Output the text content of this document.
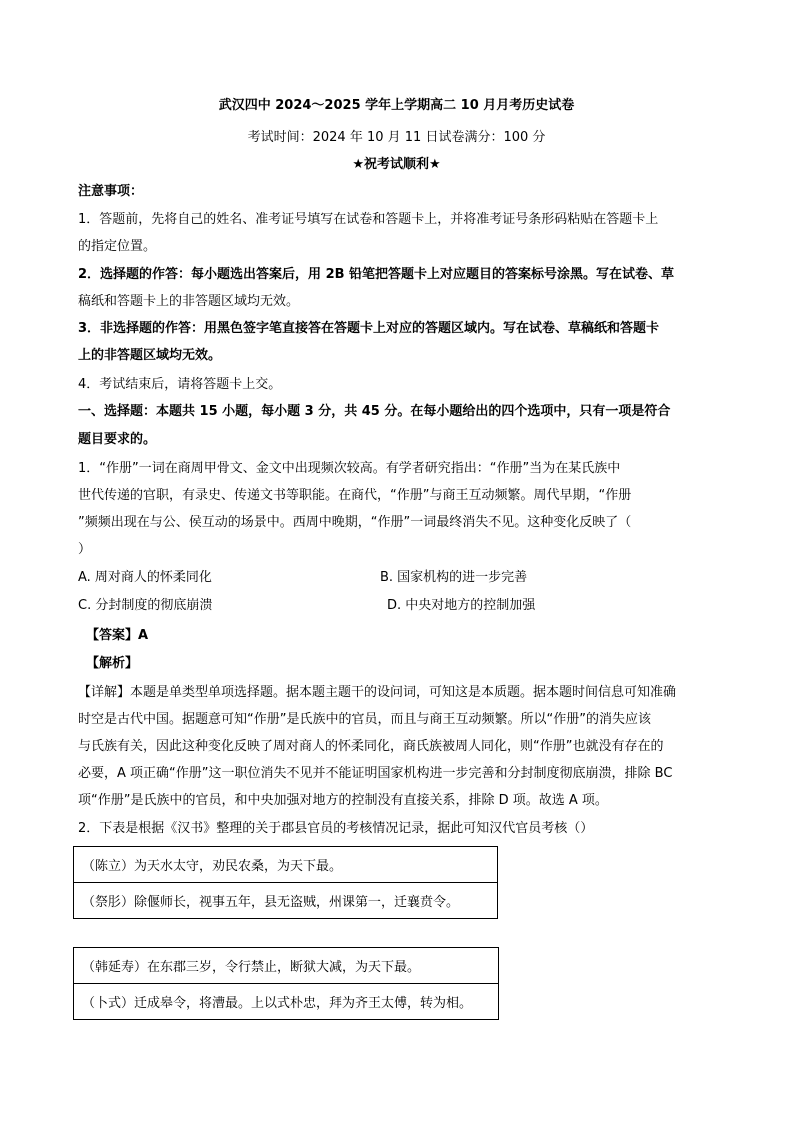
武汉四中 2024～2025 学年上学期高二 10 月月考历史试卷
考试时间：2024 年 10 月 11 日试卷满分：100 分
★祝考试顺利★
注意事项：
1．答题前，先将自己的姓名、准考证号填写在试卷和答题卡上，并将准考证号条形码粘贴在答题卡上
的指定位置。
2．选择题的作答：每小题选出答案后，用 2B 铅笔把答题卡上对应题目的答案标号涂黑。写在试卷、草
稿纸和答题卡上的非答题区域均无效。
3．非选择题的作答：用黑色签字笔直接答在答题卡上对应的答题区域内。写在试卷、草稿纸和答题卡
上的非答题区域均无效。
4．考试结束后，请将答题卡上交。
一、选择题：本题共 15 小题，每小题 3 分，共 45 分。在每小题给出的四个选项中，只有一项是符合
题目要求的。
1．“作册”一词在商周甲骨文、金文中出现频次较高。有学者研究指出：“作册”当为在某氏族中
世代传递的官职，有录史、传递文书等职能。在商代，“作册”与商王互动频繁。周代早期，“作册
”频频出现在与公、侯互动的场景中。西周中晚期，“作册”一词最终消失不见。这种变化反映了（
）
A. 周对商人的怀柔同化	B. 国家机构的进一步完善
C. 分封制度的彻底崩溃	D. 中央对地方的控制加强
【答案】A
【解析】
【详解】本题是单类型单项选择题。据本题主题干的设问词，可知这是本质题。据本题时间信息可知准确
时空是古代中国。据题意可知“作册”是氏族中的官员，而且与商王互动频繁。所以“作册”的消失应该
与氏族有关，因此这种变化反映了周对商人的怀柔同化，商氏族被周人同化，则“作册”也就没有存在的
必要，A 项正确“作册”这一职位消失不见并不能证明国家机构进一步完善和分封制度彻底崩溃，排除 BC
项“作册”是氏族中的官员，和中央加强对地方的控制没有直接关系，排除 D 项。故选 A 项。
2．下表是根据《汉书》整理的关于郡县官员的考核情况记录，据此可知汉代官员考核（）
（陈立）为天水太守，劝民农桑，为天下最。
（祭肜）除偃师长，视事五年，县无盗贼，州课第一，迁襄贲令。
（韩延寿）在东郡三岁，令行禁止，断狱大减，为天下最。
（卜式）迁成皋令，将漕最。上以式朴忠，拜为齐王太傅，转为相。
